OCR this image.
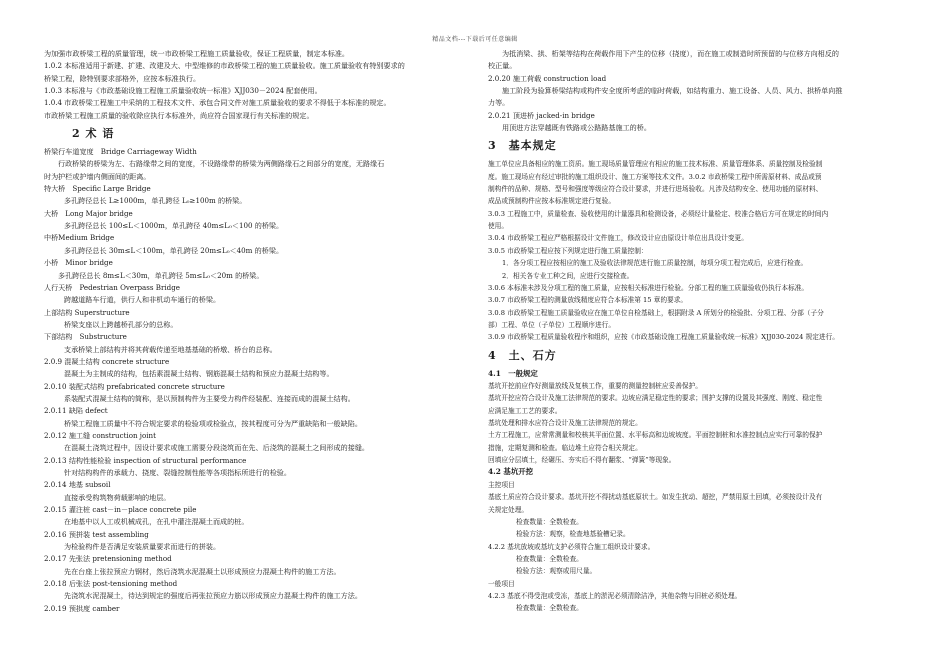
精品文档---下载后可任意编辑

为加强市政桥梁工程的质量管理，统一市政桥梁工程施工质量验收，保证工程质量，制定本标准。

1.0.2 本标准适用于新建、扩建、改建及大、中型维修的市政桥梁工程的施工质量验收。施工质量验收有特别要求的

桥梁工程，除特别要求部格外，应按本标准执行。

1.0.3 本标准与《市政基础设施工程施工质量验收统一标准》XJJ030－2024 配套使用。

1.0.4 市政桥梁工程施工中采纳的工程技术文件、承包合同文件对施工质量验收的要求不得低于本标准的规定。

市政桥梁工程施工质量的验收除应执行本标准外，尚应符合国家现行有关标准的规定。

2 术 语

桥梁行车道宽度　Bridge Carriageway Width

行政桥梁的桥梁为左、右路缘带之间的宽度，不设路缘带的桥梁为两侧路缘石之间部分的宽度，无路缘石

时为护栏或护墙内侧面间的距离。

特大桥　Specific Large Bridge

多孔跨径总长 L≥1000m，单孔跨径 L₀≥100m 的桥梁。

大桥　Long Major bridge

多孔跨径总长 100≤L＜1000m，单孔跨径 40m≤L₀＜100 的桥梁。

中桥Medium Bridge

多孔跨径总长 30m≤L＜100m，单孔跨径 20m≤L₀＜40m 的桥梁。

小桥　Minor bridge

多孔跨径总长 8m≤L＜30m，单孔跨径 5m≤L₀＜20m 的桥梁。

人行天桥　Pedestrian Overpass Bridge

跨越道路车行道，供行人和非机动车通行的桥梁。

上部结构 Superstructure

桥梁支座以上跨越桥孔部分的总称。

下部结构　Substructure

支承桥梁上部结构并将其荷载传递至地基基础的桥墩、桥台的总称。

2.0.9 混凝土结构 concrete structure

混凝土为主制成的结构，包括素混凝土结构、钢筋混凝土结构和预应力混凝土结构等。

2.0.10 装配式结构 prefabricated concrete structure

系装配式混凝土结构的简称，是以预制构件为主要受力构件经装配、连接而成的混凝土结构。

2.0.11 缺陷 defect

桥梁工程施工质量中不符合规定要求的检验项或检验点，按其程度可分为严重缺陷和一般缺陷。

2.0.12 施工缝 construction joint

在混凝土浇筑过程中，因设计要求或施工需要分段浇筑而在先、后浇筑的混凝土之间形成的接缝。

2.0.13 结构性能检验 inspection of structural performance

针对结构构件的承载力、挠度、裂缝控制性能等各项指标所进行的检验。

2.0.14 地基 subsoil

直接承受构筑物荷载影响的地层。

2.0.15 灌注桩 cast－in－place concrete pile

在地基中以人工或机械成孔，在孔中灌注混凝土而成的桩。

2.0.16 预拼装 test assembling

为检验构件是否满足安装质量要求而进行的拼装。

2.0.17 先张法 pretensioning method

先在台座上张拉预应力钢材，然后浇筑水泥混凝土以形成预应力混凝土构件的施工方法。

2.0.18 后张法 post-tensioning method

先浇筑水泥混凝土，待达到规定的强度后再张拉预应力筋以形成预应力混凝土构件的施工方法。

2.0.19 预拱度 camber

为抵消梁、拱、桁架等结构在荷载作用下产生的位移（挠度），而在施工或制造时所预留的与位移方向相反的

校正量。

2.0.20 施工荷载 construction load

施工阶段为验算桥梁结构或构件安全度所考虑的临时荷载，如结构重力、施工设备、人员、风力、拱桥单向推

力等。

2.0.21 顶进桥 jacked-in bridge

用顶进方法穿越既有铁路或公路路基施工的桥。

3　基本规定

施工单位应具备相应的施工资质。施工现场质量管理应有相应的施工技术标准、质量管理体系、质量控制及检验制

度。施工现场应有经过审批的施工组织设计、施工方案等技术文件。3.0.2 市政桥梁工程中所需原材料、成品或预

制构件的品种、规格、型号和强度等级应符合设计要求，并进行进场验收。凡涉及结构安全、使用功能的原材料、

成品或预制构件应按本标准规定进行复验。

3.0.3 工程施工中，质量检查、验收使用的计量器具和检测设备，必须经计量检定、校准合格后方可在规定的时间内

使用。

3.0.4 市政桥梁工程应严格根据设计文件施工，修改设计应由原设计单位出具设计变更。

3.0.5 市政桥梁工程应按下列规定进行施工质量控制：

1．各分项工程应按相应的施工及验收法律规范进行施工质量控制，每项分项工程完成后，应进行检查。

2．相关各专业工种之间，应进行交接检查。

3.0.6 本标准未涉及分项工程的施工质量，应按相关标准进行检验。分部工程的施工质量验收仍执行本标准。

3.0.7 市政桥梁工程的测量放线精度应符合本标准第 15 章的要求。

3.0.8 市政桥梁工程施工质量验收应在施工单位自检基础上，根据附录 A 所划分的检验批、分项工程、分部（子分

部）工程、单位（子单位）工程顺序进行。

3.0.9 市政桥梁工程质量验收程序和组织，应按《市政基础设施工程施工质量验收统一标准》XJJ030-2024 规定进行。

4　土、石方
4.1　一般规定

基坑开挖前应作好测量放线及复核工作，重要的测量控制桩应妥善保护。

基坑开挖应符合设计及施工法律规范的要求。边坡应满足稳定性的要求；围护支撑的设置及其强度、刚度、稳定性

应满足施工工艺的要求。

基坑处理和排水应符合设计及施工法律规范的规定。

土方工程施工，应常常测量和校核其平面位置、水平标高和边坡坡度。平面控制桩和水准控制点应实行可靠的保护

措施，定期复测和检查。临边堆土应符合相关规定。

回填应分层填土，经碾压、夯实后不得有翻浆、“弹簧”等现象。

4.2 基坑开挖

主控项目

基底土质应符合设计要求。基坑开挖不得扰动基底原状土。如发生扰动、超挖，严禁用原土回填，必须按设计及有

关规定处理。

检查数量：全数检查。

检验方法：观察，检查地基验槽记录。

4.2.2 基坑放坡或基坑支护必须符合施工组织设计要求。

检查数量：全数检查。

检验方法：观察或用尺量。

一般项目

4.2.3 基底不得受泡或受冻，基底上的淤泥必须清除洁净，其他杂物与旧桩必须处理。

检查数量：全数检查。
